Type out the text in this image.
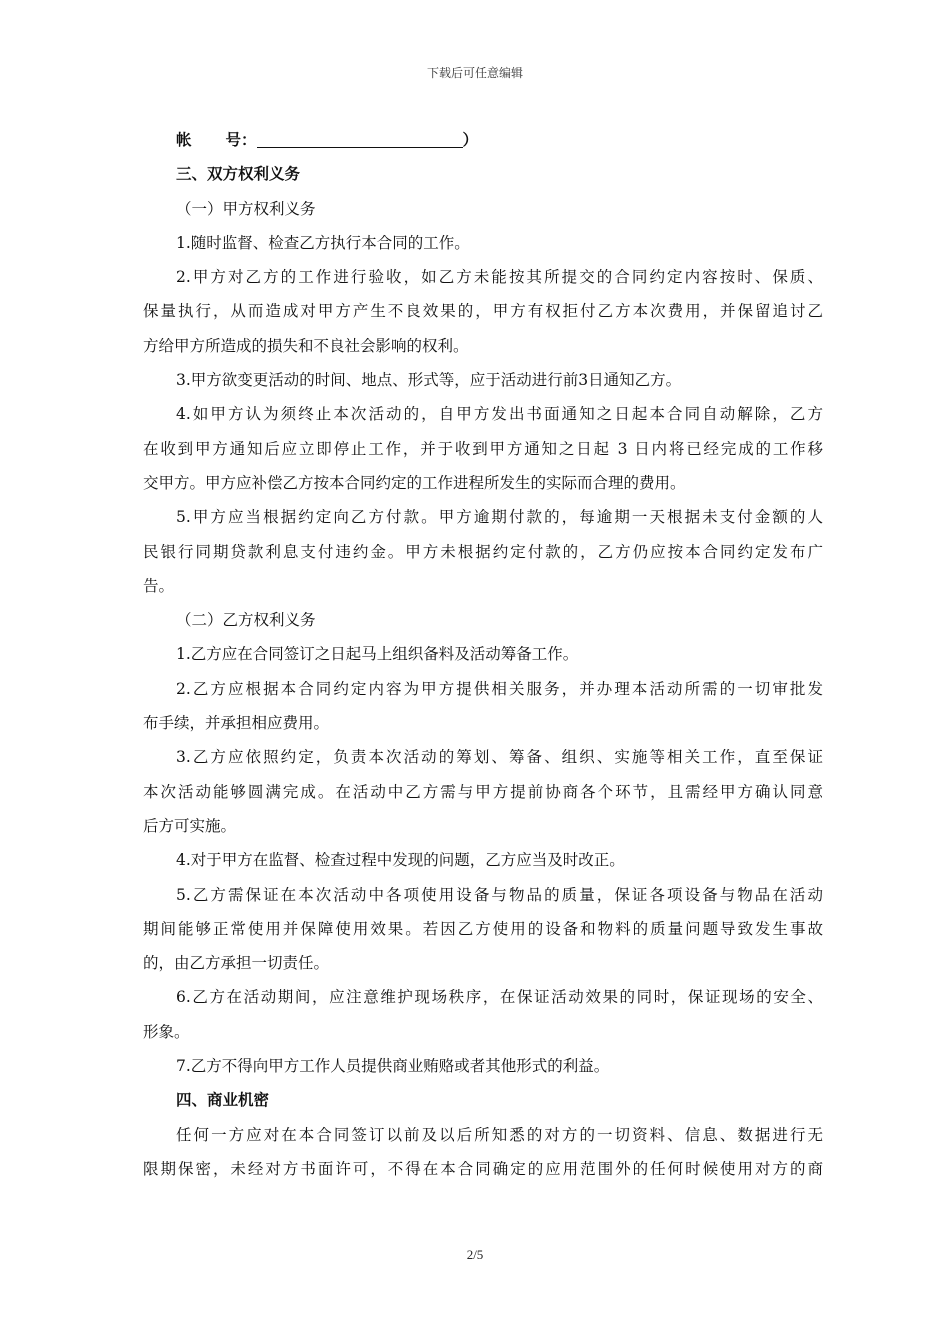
下载后可任意编辑
帐 号：	）
三、双方权利义务
（一）甲方权利义务
1.随时监督、检查乙方执行本合同的工作。
2.甲方对乙方的工作进行验收，如乙方未能按其所提交的合同约定内容按时、保质、
保量执行，从而造成对甲方产生不良效果的，甲方有权拒付乙方本次费用，并保留追讨乙
方给甲方所造成的损失和不良社会影响的权利。
3.甲方欲变更活动的时间、地点、形式等，应于活动进行前3日通知乙方。
4.如甲方认为须终止本次活动的，自甲方发出书面通知之日起本合同自动解除，乙方
在收到甲方通知后应立即停止工作，并于收到甲方通知之日起 3 日内将已经完成的工作移
交甲方。甲方应补偿乙方按本合同约定的工作进程所发生的实际而合理的费用。
5.甲方应当根据约定向乙方付款。甲方逾期付款的，每逾期一天根据未支付金额的人
民银行同期贷款利息支付违约金。甲方未根据约定付款的，乙方仍应按本合同约定发布广
告。
（二）乙方权利义务
1.乙方应在合同签订之日起马上组织备料及活动筹备工作。
2.乙方应根据本合同约定内容为甲方提供相关服务，并办理本活动所需的一切审批发
布手续，并承担相应费用。
3.乙方应依照约定，负责本次活动的筹划、筹备、组织、实施等相关工作，直至保证
本次活动能够圆满完成。在活动中乙方需与甲方提前协商各个环节，且需经甲方确认同意
后方可实施。
4.对于甲方在监督、检查过程中发现的问题，乙方应当及时改正。
5.乙方需保证在本次活动中各项使用设备与物品的质量，保证各项设备与物品在活动
期间能够正常使用并保障使用效果。若因乙方使用的设备和物料的质量问题导致发生事故
的，由乙方承担一切责任。
6.乙方在活动期间，应注意维护现场秩序，在保证活动效果的同时，保证现场的安全、
形象。
7.乙方不得向甲方工作人员提供商业贿赂或者其他形式的利益。
四、商业机密
任何一方应对在本合同签订以前及以后所知悉的对方的一切资料、信息、数据进行无
限期保密，未经对方书面许可，不得在本合同确定的应用范围外的任何时候使用对方的商
2/5
